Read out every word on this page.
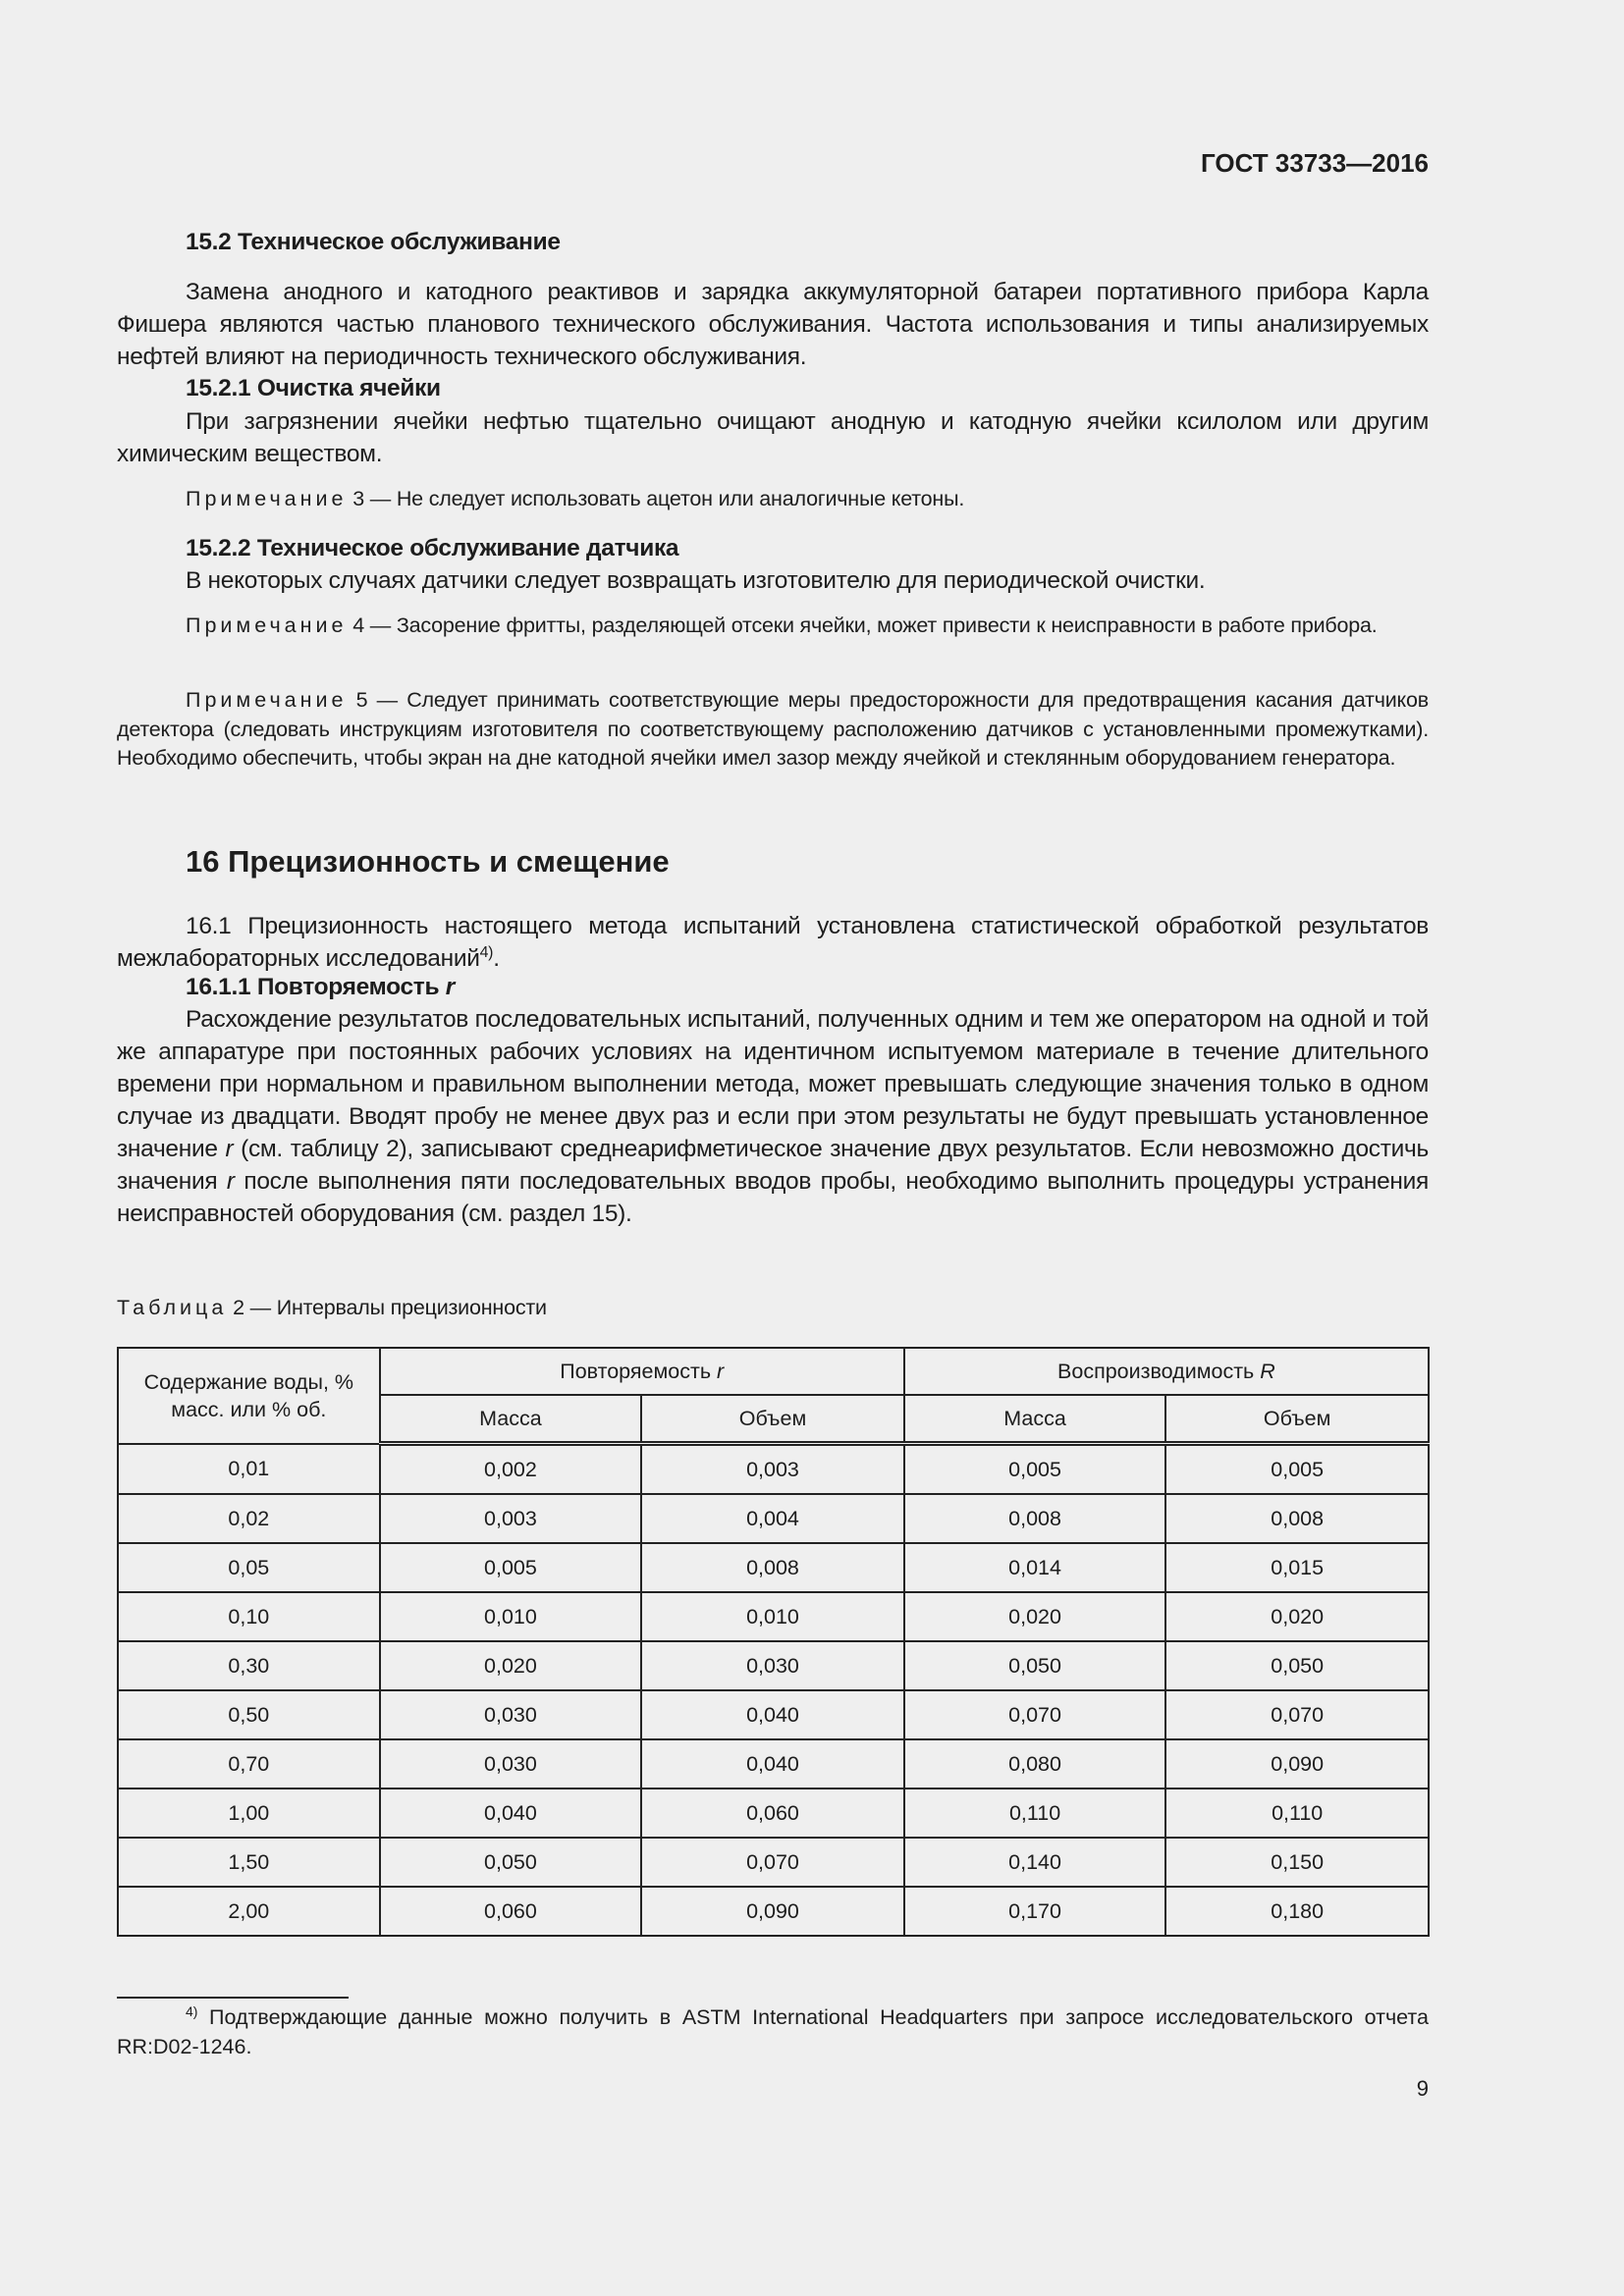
ГОСТ 33733—2016
15.2 Техническое обслуживание
Замена анодного и катодного реактивов и зарядка аккумуляторной батареи портативного прибора Карла Фишера являются частью планового технического обслуживания. Частота использования и типы анализируемых нефтей влияют на периодичность технического обслуживания.
15.2.1 Очистка ячейки
При загрязнении ячейки нефтью тщательно очищают анодную и катодную ячейки ксилолом или другим химическим веществом.
Примечание 3 — Не следует использовать ацетон или аналогичные кетоны.
15.2.2 Техническое обслуживание датчика
В некоторых случаях датчики следует возвращать изготовителю для периодической очистки.
Примечание 4 — Засорение фритты, разделяющей отсеки ячейки, может привести к неисправности в работе прибора.
Примечание 5 — Следует принимать соответствующие меры предосторожности для предотвращения касания датчиков детектора (следовать инструкциям изготовителя по соответствующему расположению датчиков с установленными промежутками). Необходимо обеспечить, чтобы экран на дне катодной ячейки имел зазор между ячейкой и стеклянным оборудованием генератора.
16 Прецизионность и смещение
16.1 Прецизионность настоящего метода испытаний установлена статистической обработкой результатов межлабораторных исследований$^{4)}$.
16.1.1 Повторяемость r
Расхождение результатов последовательных испытаний, полученных одним и тем же оператором на одной и той же аппаратуре при постоянных рабочих условиях на идентичном испытуемом материале в течение длительного времени при нормальном и правильном выполнении метода, может превышать следующие значения только в одном случае из двадцати. Вводят пробу не менее двух раз и если при этом результаты не будут превышать установленное значение r (см. таблицу 2), записывают среднеарифметическое значение двух результатов. Если невозможно достичь значения r после выполнения пяти последовательных вводов пробы, необходимо выполнить процедуры устранения неисправностей оборудования (см. раздел 15).
Таблица 2 — Интервалы прецизионности
Содержание воды, % масс. или % об.	Повторяемость r		Воспроизводимость R	
	Масса	Объем	Масса	Объем
0,01	0,002	0,003	0,005	0,005
0,02	0,003	0,004	0,008	0,008
0,05	0,005	0,008	0,014	0,015
0,10	0,010	0,010	0,020	0,020
0,30	0,020	0,030	0,050	0,050
0,50	0,030	0,040	0,070	0,070
0,70	0,030	0,040	0,080	0,090
1,00	0,040	0,060	0,110	0,110
1,50	0,050	0,070	0,140	0,150
2,00	0,060	0,090	0,170	0,180
$^{4)}$ Подтверждающие данные можно получить в ASTM International Headquarters при запросе исследовательского отчета RR:D02-1246.
9
